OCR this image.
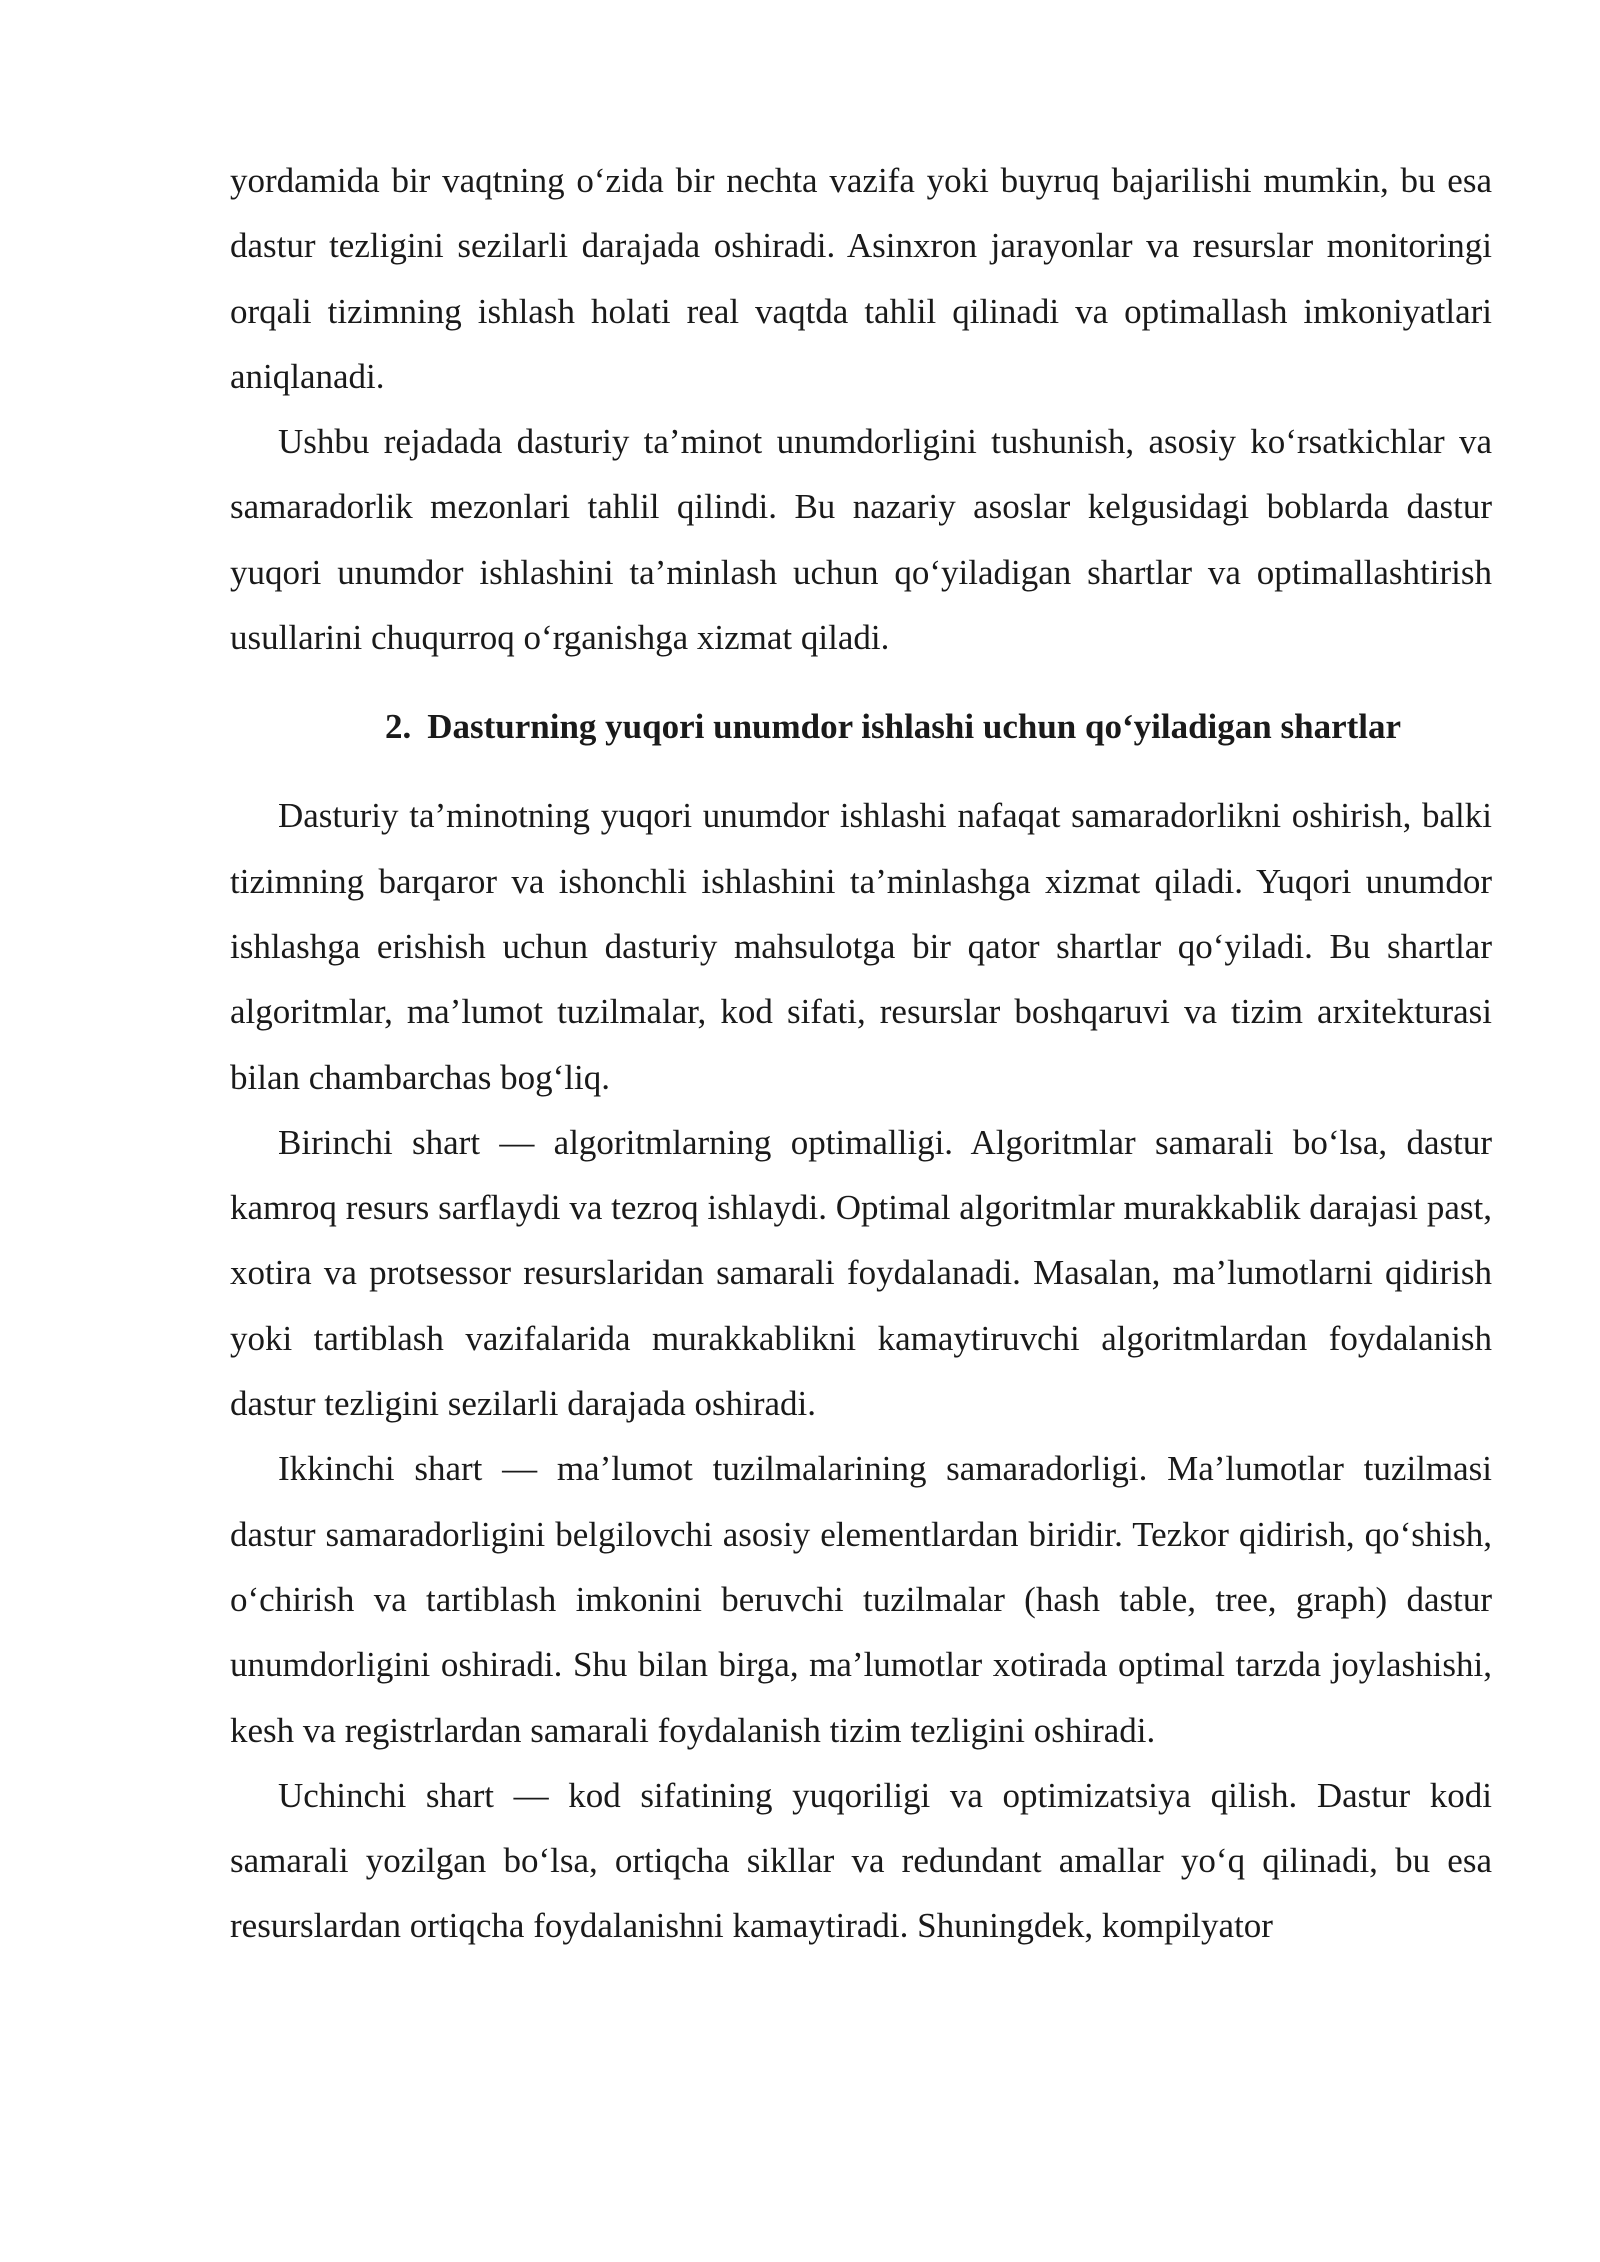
yordamida bir vaqtning o‘zida bir nechta vazifa yoki buyruq bajarilishi mumkin, bu esa dastur tezligini sezilarli darajada oshiradi. Asinxron jarayonlar va resurslar monitoringi orqali tizimning ishlash holati real vaqtda tahlil qilinadi va optimallash imkoniyatlari aniqlanadi.

Ushbu rejadada dasturiy ta’minot unumdorligini tushunish, asosiy ko‘rsatkichlar va samaradorlik mezonlari tahlil qilindi. Bu nazariy asoslar kelgusidagi boblarda dastur yuqori unumdor ishlashini ta’minlash uchun qo‘yiladigan shartlar va optimallashtirish usullarini chuqurroq o‘rganishga xizmat qiladi.

2. Dasturning yuqori unumdor ishlashi uchun qo‘yiladigan shartlar

Dasturiy ta’minotning yuqori unumdor ishlashi nafaqat samaradorlikni oshirish, balki tizimning barqaror va ishonchli ishlashini ta’minlashga xizmat qiladi. Yuqori unumdor ishlashga erishish uchun dasturiy mahsulotga bir qator shartlar qo‘yiladi. Bu shartlar algoritmlar, ma’lumot tuzilmalar, kod sifati, resurslar boshqaruvi va tizim arxitekturasi bilan chambarchas bog‘liq.

Birinchi shart — algoritmlarning optimalligi. Algoritmlar samarali bo‘lsa, dastur kamroq resurs sarflaydi va tezroq ishlaydi. Optimal algoritmlar murakkablik darajasi past, xotira va protsessor resurslaridan samarali foydalanadi. Masalan, ma’lumotlarni qidirish yoki tartiblash vazifalarida murakkablikni kamaytiruvchi algoritmlardan foydalanish dastur tezligini sezilarli darajada oshiradi.

Ikkinchi shart — ma’lumot tuzilmalarining samaradorligi. Ma’lumotlar tuzilmasi dastur samaradorligini belgilovchi asosiy elementlardan biridir. Tezkor qidirish, qo‘shish, o‘chirish va tartiblash imkonini beruvchi tuzilmalar (hash table, tree, graph) dastur unumdorligini oshiradi. Shu bilan birga, ma’lumotlar xotirada optimal tarzda joylashishi, kesh va registrlardan samarali foydalanish tizim tezligini oshiradi.

Uchinchi shart — kod sifatining yuqoriligi va optimizatsiya qilish. Dastur kodi samarali yozilgan bo‘lsa, ortiqcha sikllar va redundant amallar yo‘q qilinadi, bu esa resurslardan ortiqcha foydalanishni kamaytiradi. Shuningdek, kompilyator
